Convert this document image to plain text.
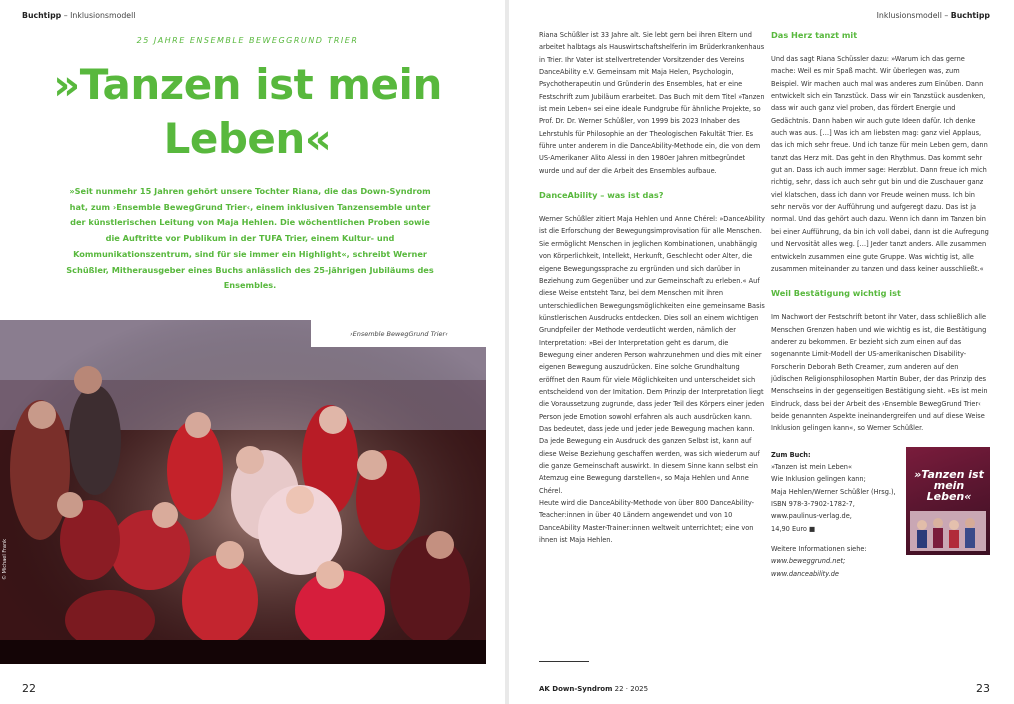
Buchtipp – Inklusionsmodell
25 JAHRE ENSEMBLE BEWEGGRUND TRIER
»Tanzen ist mein
Leben«
»Seit nunmehr 15 Jahren gehört unsere Tochter Riana, die das Down-Syndrom hat, zum ›Ensemble BewegGrund Trier‹, einem inklusiven Tanzensemble unter der künstlerischen Leitung von Maja Hehlen. Die wöchentlichen Proben sowie die Auftritte vor Publikum in der TUFA Trier, einem Kultur- und Kommunikationszentrum, sind für sie immer ein Highlight«, schreibt Werner Schüßler, Mitherausgeber eines Buchs anlässlich des 25-jährigen Jubiläums des Ensembles.
›Ensemble BewegGrund Trier‹
© Michael Frank
22
Inklusionsmodell – Buchtipp

Riana Schüßler ist 33 Jahre alt. Sie lebt gern bei ihren Eltern und arbeitet halbtags als Hauswirtschaftshelferin im Brüderkrankenhaus in Trier. Ihr Vater ist stellvertretender Vorsitzender des Vereins DanceAbility e.V. Gemeinsam mit Maja Helen, Psychologin, Psychotherapeutin und Gründerin des Ensembles, hat er eine Festschrift zum Jubiläum erarbeitet. Das Buch mit dem Titel »Tanzen ist mein Leben« sei eine ideale Fundgrube für ähnliche Projekte, so Prof. Dr. Dr. Werner Schüßler, von 1999 bis 2023 Inhaber des Lehrstuhls für Philosophie an der Theologischen Fakultät Trier. Es führe unter anderem in die DanceAbility-Methode ein, die von dem US-Amerikaner Alito Alessi in den 1980er Jahren mitbegründet wurde und auf der die Arbeit des Ensembles aufbaue.

DanceAbility – was ist das?

Werner Schüßler zitiert Maja Hehlen und Anne Chérel: »DanceAbility ist die Erforschung der Bewegungsimprovisation für alle Menschen. Sie ermöglicht Menschen in jeglichen Kombinationen, unabhängig von Körperlichkeit, Intellekt, Herkunft, Geschlecht oder Alter, die eigene Bewegungssprache zu ergründen und sich darüber in Beziehung zum Gegenüber und zur Gemeinschaft zu erleben.« Auf diese Weise entsteht Tanz, bei dem Menschen mit ihren unterschiedlichen Bewegungsmöglichkeiten eine gemeinsame Basis künstlerischen Ausdrucks entdecken. Dies soll an einem wichtigen Grundpfeiler der Methode verdeutlicht werden, nämlich der Interpretation: »Bei der Interpretation geht es darum, die Bewegung einer anderen Person wahrzunehmen und dies mit einer eigenen Bewegung auszudrücken. Eine solche Grundhaltung eröffnet den Raum für viele Möglichkeiten und unterscheidet sich entscheidend von der Imitation. Dem Prinzip der Interpretation liegt die Voraussetzung zugrunde, dass jeder Teil des Körpers einer jeden Person jede Emotion sowohl erfahren als auch ausdrücken kann. Das bedeutet, dass jede und jeder jede Bewegung machen kann. Da jede Bewegung ein Ausdruck des ganzen Selbst ist, kann auf diese Weise Beziehung geschaffen werden, was sich wiederum auf die ganze Gemeinschaft auswirkt. In diesem Sinne kann selbst ein Atemzug eine Bewegung darstellen«, so Maja Hehlen und Anne Chérel.

Heute wird die DanceAbility-Methode von über 800 DanceAbility-Teacher:innen in über 40 Ländern angewendet und von 10 DanceAbility Master-Trainer:innen weltweit unterrichtet; eine von ihnen ist Maja Hehlen.

Das Herz tanzt mit

Und das sagt Riana Schüssler dazu: »Warum ich das gerne mache: Weil es mir Spaß macht. Wir überlegen was, zum Beispiel. Wir machen auch mal was anderes zum Einüben. Dann entwickelt sich ein Tanzstück. Dass wir ein Tanzstück ausdenken, dass wir auch ganz viel proben, das fördert Energie und Gedächtnis. Dann haben wir auch gute Ideen dafür. Ich denke auch was aus. […] Was ich am liebsten mag: ganz viel Applaus, das ich mich sehr freue. Und ich tanze für mein Leben gern, dann tanzt das Herz mit. Das geht in den Rhythmus. Das kommt sehr gut an. Dass ich auch immer sage: Herzblut. Dann freue ich mich richtig, sehr, dass ich auch sehr gut bin und die Zuschauer ganz viel klatschen, dass ich dann vor Freude weinen muss. Ich bin sehr nervös vor der Aufführung und aufgeregt dazu. Das ist ja normal. Und das gehört auch dazu. Wenn ich dann im Tanzen bin bei einer Aufführung, da bin ich voll dabei, dann ist die Aufregung und Nervosität alles weg. […] Jeder tanzt anders. Alle zusammen entwickeln zusammen eine gute Gruppe. Was wichtig ist, alle zusammen miteinander zu tanzen und dass keiner ausschließt.«

Weil Bestätigung wichtig ist

Im Nachwort der Festschrift betont ihr Vater, dass schließlich alle Menschen Grenzen haben und wie wichtig es ist, die Bestätigung anderer zu bekommen. Er bezieht sich zum einen auf das sogenannte Limit-Modell der US-amerikanischen Disability-Forscherin Deborah Beth Creamer, zum anderen auf den jüdischen Religionsphilosophen Martin Buber, der das Prinzip des Menschseins in der gegenseitigen Bestätigung sieht. »Es ist mein Eindruck, dass bei der Arbeit des ›Ensemble BewegGrund Trier‹ beide genannten Aspekte ineinandergreifen und auf diese Weise Inklusion gelingen kann«, so Werner Schüßler.

Zum Buch:
»Tanzen ist mein Leben«
Wie Inklusion gelingen kann;
Maja Hehlen/Werner Schüßler (Hrsg.), ISBN 978-3-7902-1782-7, www.paulinus-verlag.de,
14,90 Euro ■
»Tanzen ist mein Leben«
Weitere Informationen siehe:
www.beweggrund.net;
www.danceability.de
AK Down-Syndrom 22 · 2025	23
